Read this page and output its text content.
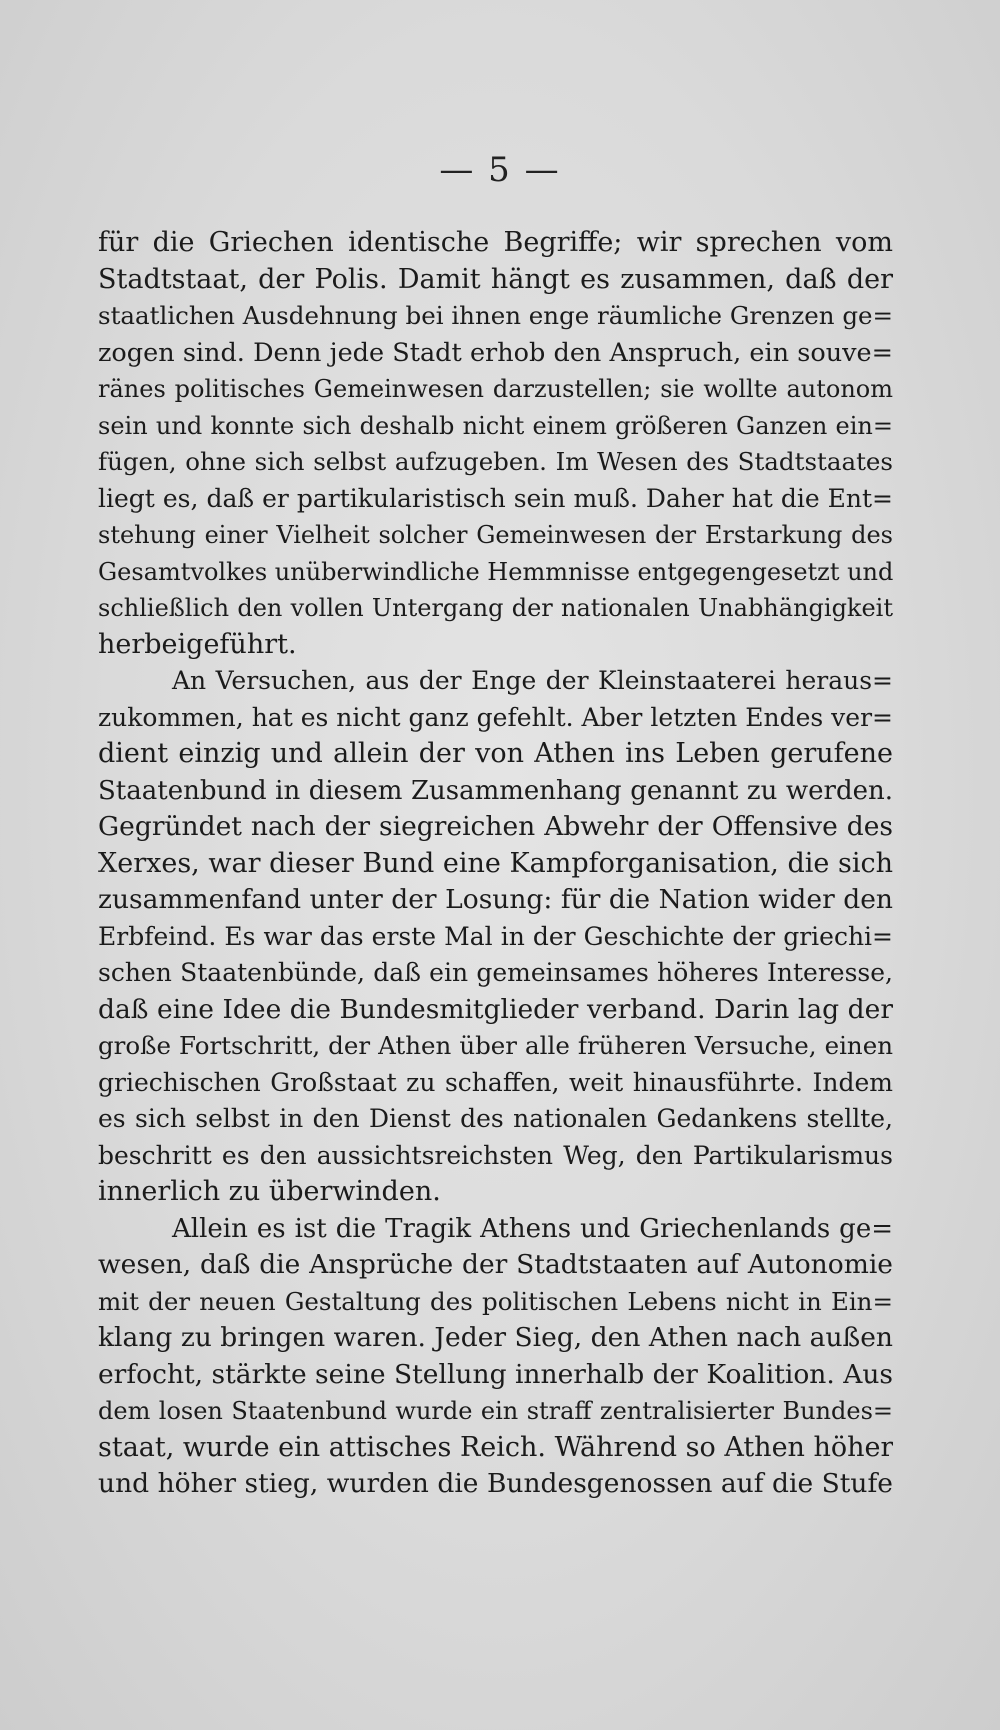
— 5 —
für die Griechen identische Begriffe; wir sprechen vom
Stadtstaat, der Polis. Damit hängt es zusammen, daß der
staatlichen Ausdehnung bei ihnen enge räumliche Grenzen ge=
zogen sind. Denn jede Stadt erhob den Anspruch, ein souve=
ränes politisches Gemeinwesen darzustellen; sie wollte autonom
sein und konnte sich deshalb nicht einem größeren Ganzen ein=
fügen, ohne sich selbst aufzugeben. Im Wesen des Stadtstaates
liegt es, daß er partikularistisch sein muß. Daher hat die Ent=
stehung einer Vielheit solcher Gemeinwesen der Erstarkung des
Gesamtvolkes unüberwindliche Hemmnisse entgegengesetzt und
schließlich den vollen Untergang der nationalen Unabhängigkeit
herbeigeführt.
An Versuchen, aus der Enge der Kleinstaaterei heraus=
zukommen, hat es nicht ganz gefehlt. Aber letzten Endes ver=
dient einzig und allein der von Athen ins Leben gerufene
Staatenbund in diesem Zusammenhang genannt zu werden.
Gegründet nach der siegreichen Abwehr der Offensive des
Xerxes, war dieser Bund eine Kampforganisation, die sich
zusammenfand unter der Losung: für die Nation wider den
Erbfeind. Es war das erste Mal in der Geschichte der griechi=
schen Staatenbünde, daß ein gemeinsames höheres Interesse,
daß eine Idee die Bundesmitglieder verband. Darin lag der
große Fortschritt, der Athen über alle früheren Versuche, einen
griechischen Großstaat zu schaffen, weit hinausführte. Indem
es sich selbst in den Dienst des nationalen Gedankens stellte,
beschritt es den aussichtsreichsten Weg, den Partikularismus
innerlich zu überwinden.
Allein es ist die Tragik Athens und Griechenlands ge=
wesen, daß die Ansprüche der Stadtstaaten auf Autonomie
mit der neuen Gestaltung des politischen Lebens nicht in Ein=
klang zu bringen waren. Jeder Sieg, den Athen nach außen
erfocht, stärkte seine Stellung innerhalb der Koalition. Aus
dem losen Staatenbund wurde ein straff zentralisierter Bundes=
staat, wurde ein attisches Reich. Während so Athen höher
und höher stieg, wurden die Bundesgenossen auf die Stufe
